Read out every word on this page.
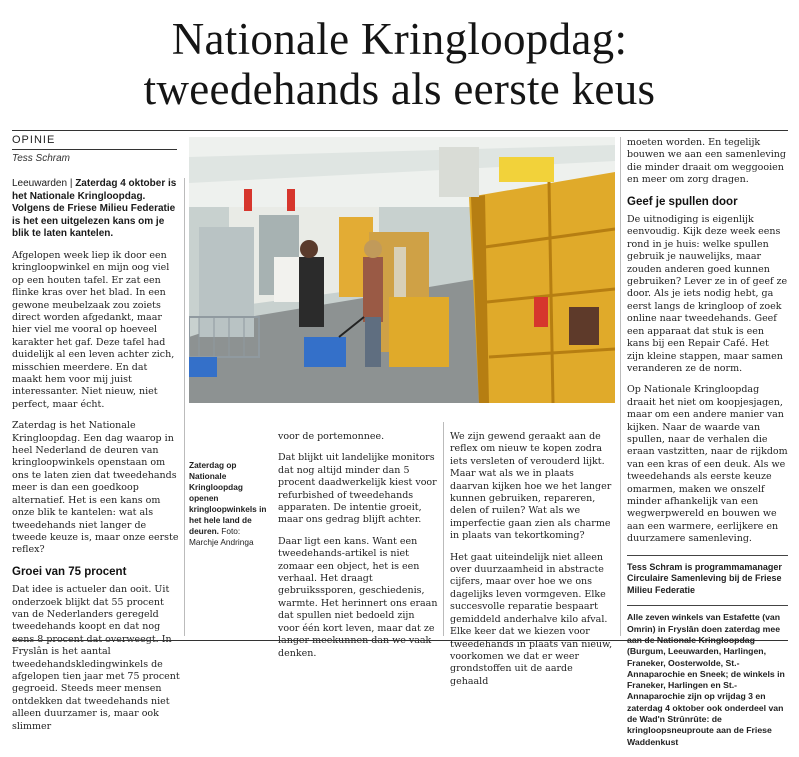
Nationale Kringloopdag:
tweedehands als eerste keus
OPINIE
Tess Schram

Leeuwarden | Zaterdag 4 oktober is het Nationale Kringloopdag. Volgens de Friese Milieu Federatie is het een uitgelezen kans om je blik te laten kantelen.

Afgelopen week liep ik door een kringloopwinkel en mijn oog viel op een houten tafel. Er zat een flinke kras over het blad. In een gewone meubelzaak zou zoiets direct worden afgedankt, maar hier viel me vooral op hoeveel karakter het gaf. Deze tafel had duidelijk al een leven achter zich, misschien meerdere. En dat maakt hem voor mij juist interessanter. Niet nieuw, niet perfect, maar écht.

Zaterdag is het Nationale Kringloopdag. Een dag waarop in heel Nederland de deuren van kringloopwinkels openstaan om ons te laten zien dat tweedehands meer is dan een goedkoop alternatief. Het is een kans om onze blik te kantelen: wat als tweedehands niet langer de tweede keuze is, maar onze eerste reflex?

Groei van 75 procent

Dat idee is actueler dan ooit. Uit onderzoek blijkt dat 55 procent van de Nederlanders geregeld tweedehands koopt en dat nog eens 8 procent dat overweegt. In Fryslân is het aantal tweedehandskledingwinkels de afgelopen tien jaar met 75 procent gegroeid. Steeds meer mensen ontdekken dat tweedehands niet alleen duurzamer is, maar ook slimmer

Zaterdag op Nationale Kringloopdag openen kringloopwinkels in het hele land de deuren. Foto: Marchje Andringa

voor de portemonnee.

Dat blijkt uit landelijke monitors dat nog altijd minder dan 5 procent daadwerkelijk kiest voor refurbished of tweedehands apparaten. De intentie groeit, maar ons gedrag blijft achter.

Daar ligt een kans. Want een tweedehands-artikel is niet zomaar een object, het is een verhaal. Het draagt gebruikssporen, geschiedenis, warmte. Het herinnert ons eraan dat spullen niet bedoeld zijn voor één kort leven, maar dat ze langer meekunnen dan we vaak denken.

We zijn gewend geraakt aan de reflex om nieuw te kopen zodra iets versleten of verouderd lijkt. Maar wat als we in plaats daarvan kijken hoe we het langer kunnen gebruiken, repareren, delen of ruilen? Wat als we imperfectie gaan zien als charme in plaats van tekortkoming?

Het gaat uiteindelijk niet alleen over duurzaamheid in abstracte cijfers, maar over hoe we ons dagelijks leven vormgeven. Elke succesvolle reparatie bespaart gemiddeld anderhalve kilo afval. Elke keer dat we kiezen voor tweedehands in plaats van nieuw, voorkomen we dat er weer grondstoffen uit de aarde gehaald

moeten worden. En tegelijk bouwen we aan een samenleving die minder draait om weggooien en meer om zorg dragen.

Geef je spullen door

De uitnodiging is eigenlijk eenvoudig. Kijk deze week eens rond in je huis: welke spullen gebruik je nauwelijks, maar zouden anderen goed kunnen gebruiken? Lever ze in of geef ze door. Als je iets nodig hebt, ga eerst langs de kringloop of zoek online naar tweedehands. Geef een apparaat dat stuk is een kans bij een Repair Café. Het zijn kleine stappen, maar samen veranderen ze de norm.

Op Nationale Kringloopdag draait het niet om koopjesjagen, maar om een andere manier van kijken. Naar de waarde van spullen, naar de verhalen die eraan vastzitten, naar de rijkdom van een kras of een deuk. Als we tweedehands als eerste keuze omarmen, maken we onszelf minder afhankelijk van een wegwerpwereld en bouwen we aan een warmere, eerlijkere en duurzamere samenleving.

Tess Schram is programmamanager Circulaire Samenleving bij de Friese Milieu Federatie

Alle zeven winkels van Estafette (van Omrin) in Fryslân doen zaterdag mee aan de Nationale Kringloopdag (Burgum, Leeuwarden, Harlingen, Franeker, Oosterwolde, St.-Annaparochie en Sneek; de winkels in Franeker, Harlingen en St.-Annaparochie zijn op vrijdag 3 en zaterdag 4 oktober ook onderdeel van de Wad'n Strûnrûte: de kringloopsneuproute aan de Friese Waddenkust
